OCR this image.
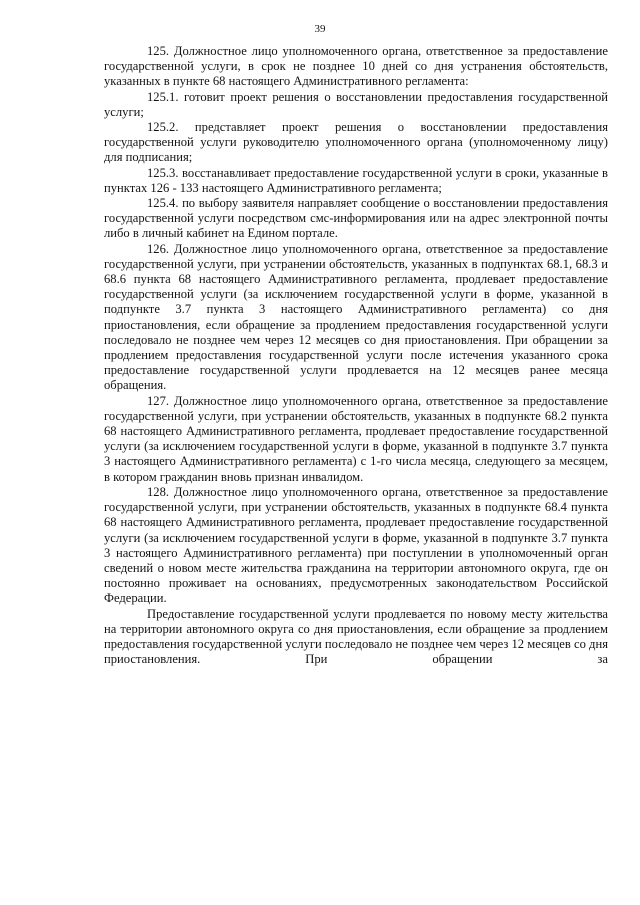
39

125. Должностное лицо уполномоченного органа, ответственное за предоставление государственной услуги, в срок не позднее 10 дней со дня устранения обстоятельств, указанных в пункте 68 настоящего Административного регламента:

125.1. готовит проект решения о восстановлении предоставления государственной услуги;

125.2. представляет проект решения о восстановлении предоставления государственной услуги руководителю уполномоченного органа (уполномоченному лицу) для подписания;

125.3. восстанавливает предоставление государственной услуги в сроки, указанные в пунктах 126 - 133 настоящего Административного регламента;

125.4. по выбору заявителя направляет сообщение о восстановлении предоставления государственной услуги посредством смс-информирования или на адрес электронной почты либо в личный кабинет на Едином портале.

126. Должностное лицо уполномоченного органа, ответственное за предоставление государственной услуги, при устранении обстоятельств, указанных в подпунктах 68.1, 68.3 и 68.6 пункта 68 настоящего Административного регламента, продлевает предоставление государственной услуги (за исключением государственной услуги в форме, указанной в подпункте 3.7 пункта 3 настоящего Административного регламента) со дня приостановления, если обращение за продлением предоставления государственной услуги последовало не позднее чем через 12 месяцев со дня приостановления. При обращении за продлением предоставления государственной услуги после истечения указанного срока предоставление государственной услуги продлевается на 12 месяцев ранее месяца обращения.

127. Должностное лицо уполномоченного органа, ответственное за предоставление государственной услуги, при устранении обстоятельств, указанных в подпункте 68.2 пункта 68 настоящего Административного регламента, продлевает предоставление государственной услуги (за исключением государственной услуги в форме, указанной в подпункте 3.7 пункта 3 настоящего Административного регламента) с 1-го числа месяца, следующего за месяцем, в котором гражданин вновь признан инвалидом.

128. Должностное лицо уполномоченного органа, ответственное за предоставление государственной услуги, при устранении обстоятельств, указанных в подпункте 68.4 пункта 68 настоящего Административного регламента, продлевает предоставление государственной услуги (за исключением государственной услуги в форме, указанной в подпункте 3.7 пункта 3 настоящего Административного регламента) при поступлении в уполномоченный орган сведений о новом месте жительства гражданина на территории автономного округа, где он постоянно проживает на основаниях, предусмотренных законодательством Российской Федерации.

Предоставление государственной услуги продлевается по новому месту жительства на территории автономного округа со дня приостановления, если обращение за продлением предоставления государственной услуги последовало не позднее чем через 12 месяцев со дня приостановления. При обращении за
